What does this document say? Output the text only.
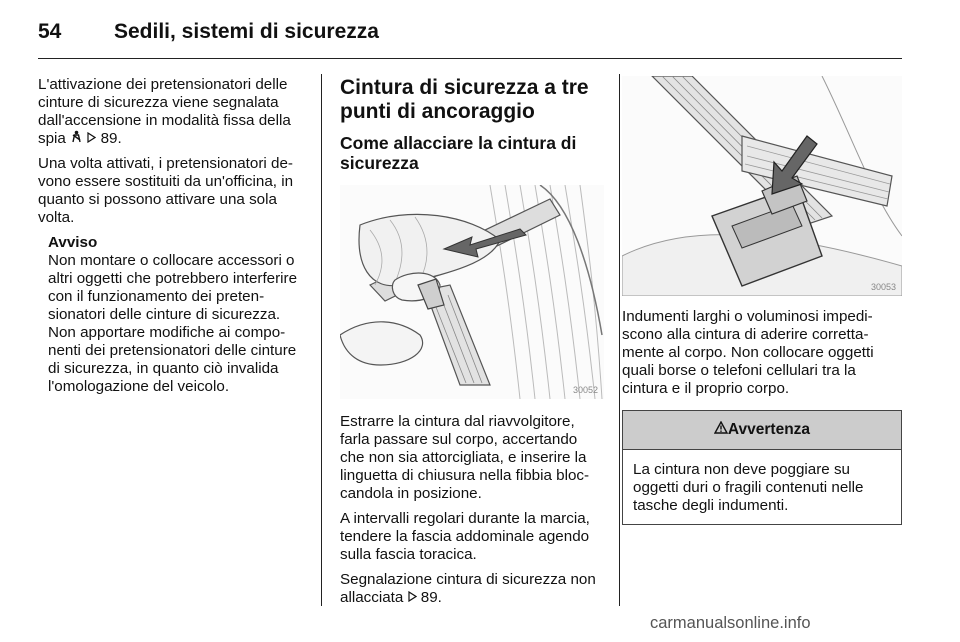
54	Sedili, sistemi di sicurezza

L'attivazione dei pretensionatori delle cinture di sicurezza viene segnalata dall'accensione in modalità fissa della spia   89.

Una volta attivati, i pretensionatori devono essere sostituiti da un'officina, in quanto si possono attivare una sola volta.

Avviso

Non montare o collocare accessori o altri oggetti che potrebbero interferire con il funzionamento dei pretensionatori delle cinture di sicurezza.

Non apportare modifiche ai componenti dei pretensionatori delle cinture di sicurezza, in quanto ciò invalida l'omologazione del veicolo.

Cintura di sicurezza a tre punti di ancoraggio
Come allacciare la cintura di sicurezza
30052

Estrarre la cintura dal riavvolgitore, farla passare sul corpo, accertando che non sia attorcigliata, e inserire la linguetta di chiusura nella fibbia bloccandola in posizione.

A intervalli regolari durante la marcia, tendere la fascia addominale agendo sulla fascia toracica.

Segnalazione cintura di sicurezza non allacciata  89.

30053

Indumenti larghi o voluminosi impediscono alla cintura di aderire correttamente al corpo. Non collocare oggetti quali borse o telefoni cellulari tra la cintura e il proprio corpo.

Avvertenza

La cintura non deve poggiare su oggetti duri o fragili contenuti nelle tasche degli indumenti.

carmanualsonline.info
